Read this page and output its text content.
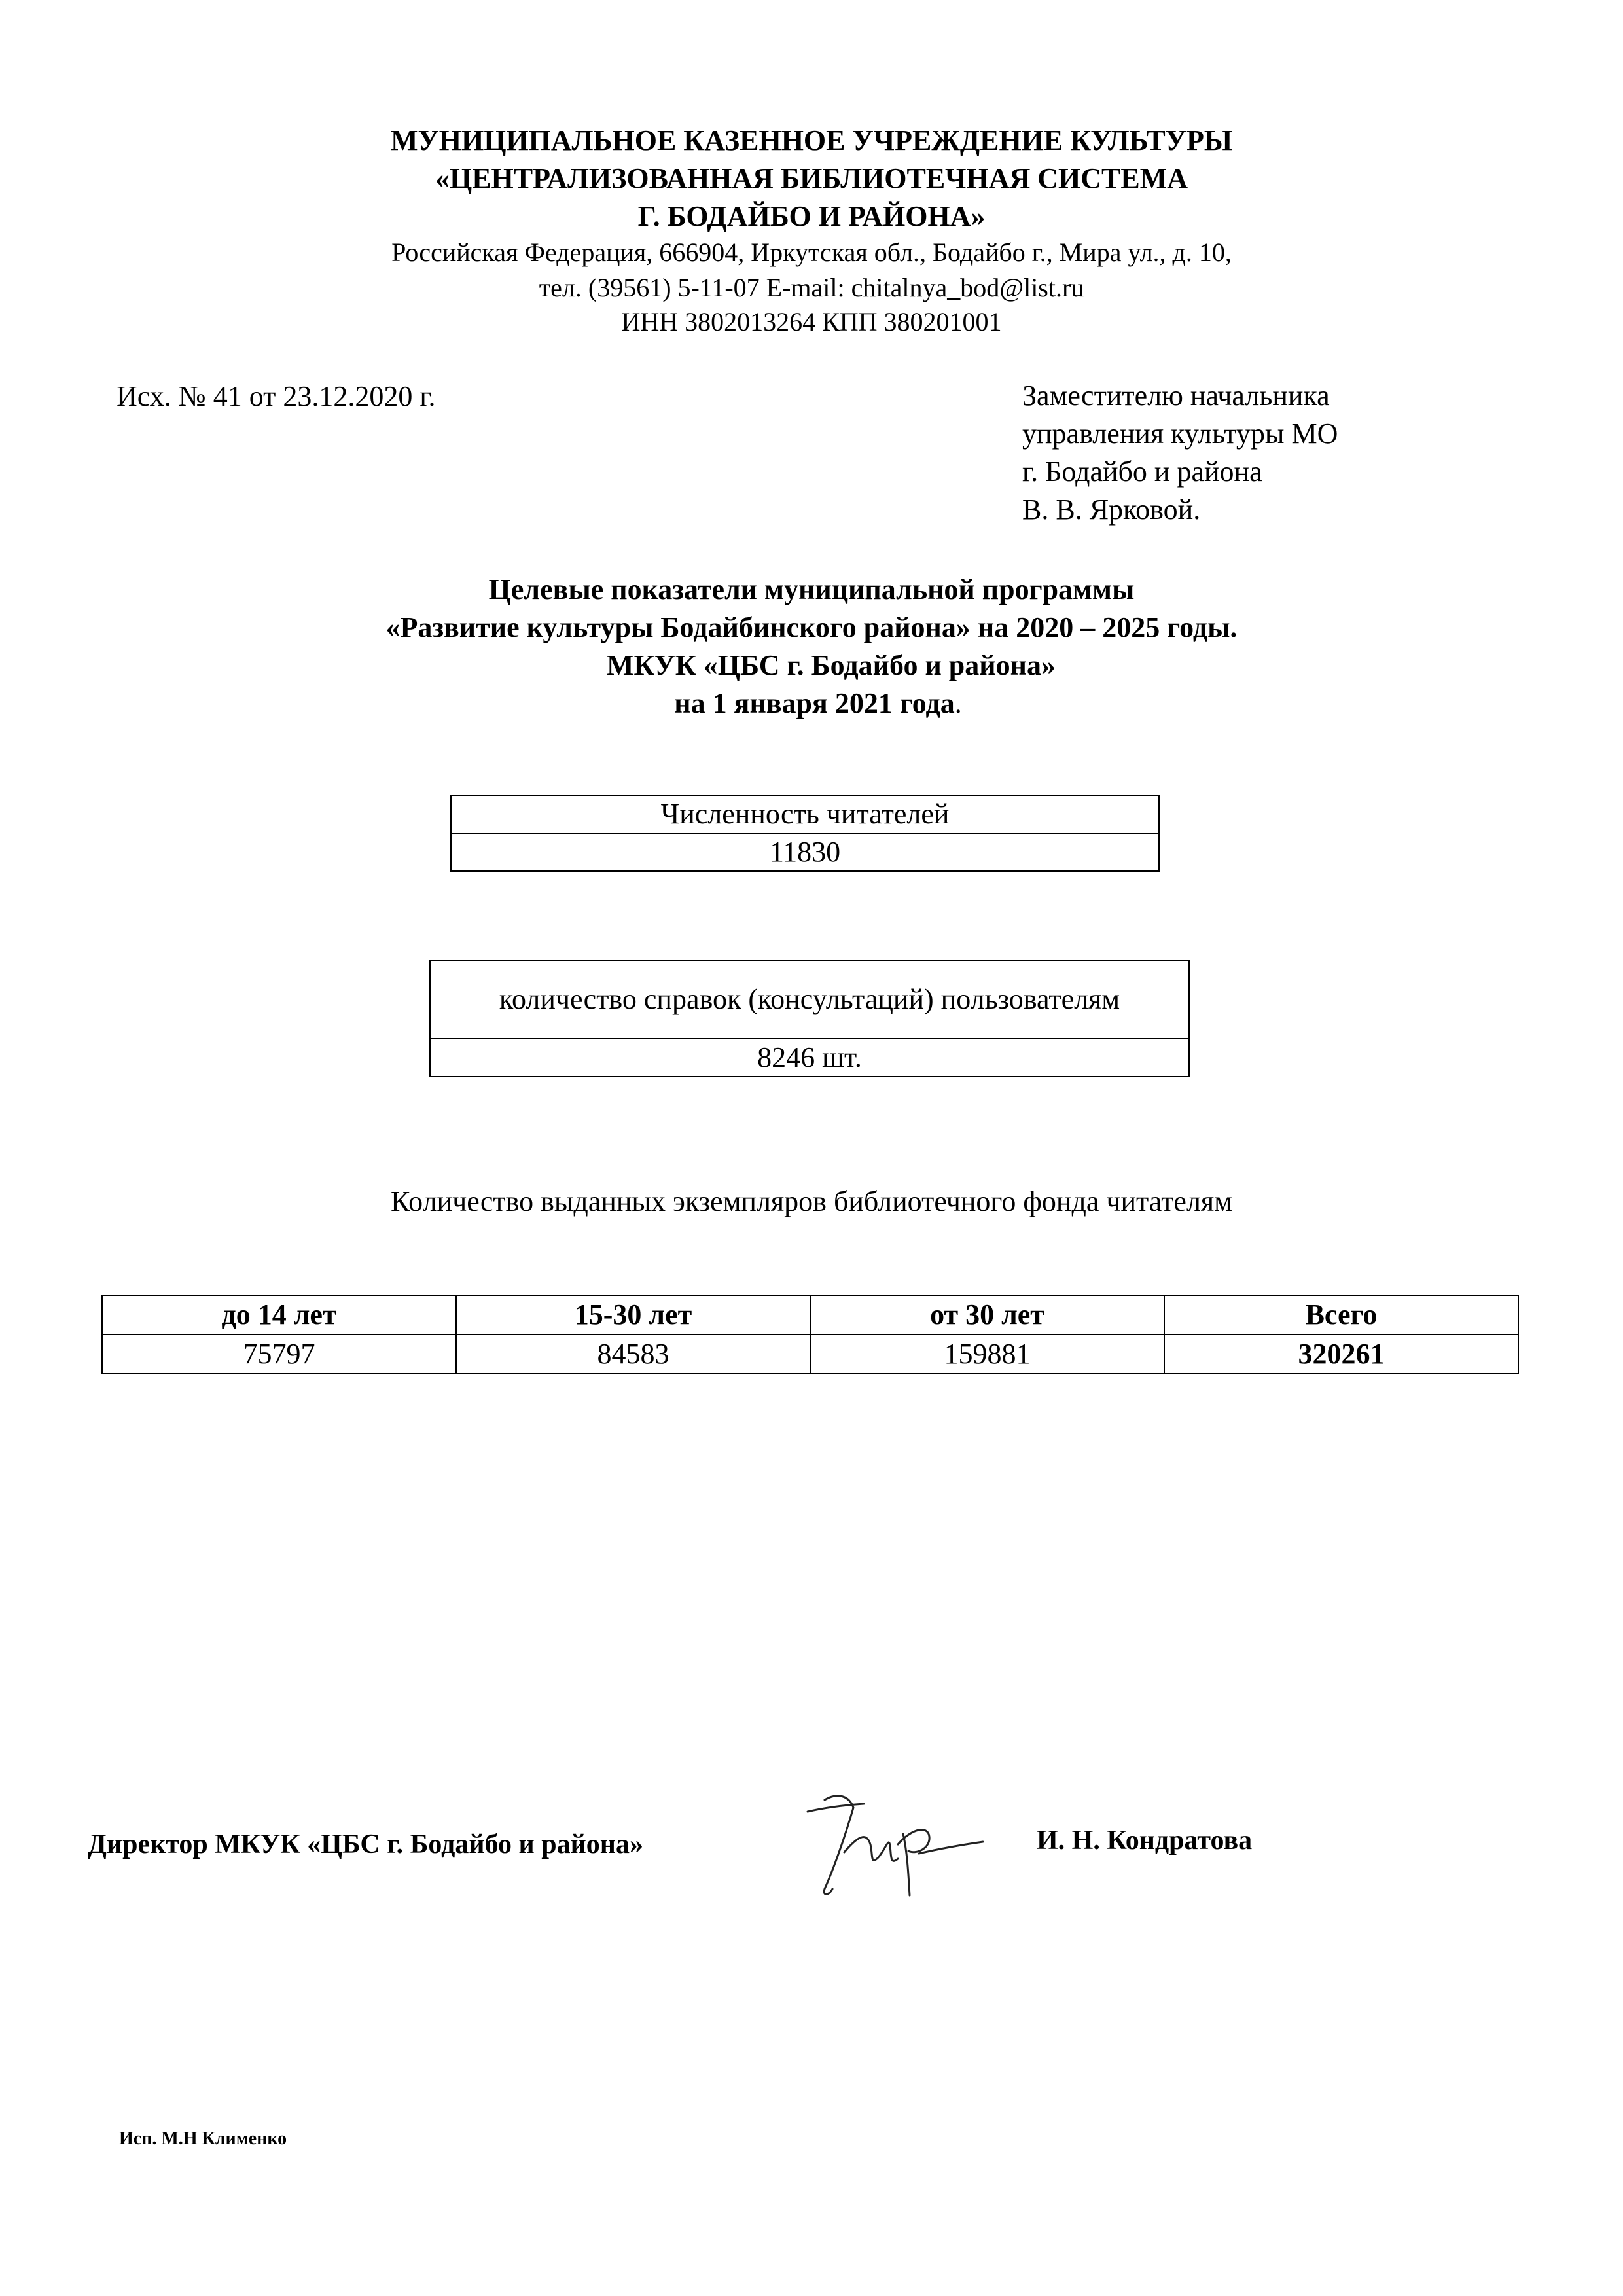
МУНИЦИПАЛЬНОЕ КАЗЕННОЕ УЧРЕЖДЕНИЕ КУЛЬТУРЫ
«ЦЕНТРАЛИЗОВАННАЯ БИБЛИОТЕЧНАЯ СИСТЕМА
Г. БОДАЙБО И РАЙОНА»
Российская Федерация, 666904, Иркутская обл., Бодайбо г., Мира ул., д. 10,
тел. (39561) 5-11-07 E-mail: chitalnya_bod@list.ru
ИНН 3802013264 КПП 380201001
Исх. № 41 от 23.12.2020 г.	Заместителю начальника
управления культуры МО
г. Бодайбо и района
В. В. Ярковой.
Целевые показатели муниципальной программы
«Развитие культуры Бодайбинского района» на 2020 – 2025 годы.
МКУК «ЦБС г. Бодайбо и района»
на 1 января 2021 года.
Численность читателей
11830
количество справок (консультаций) пользователям
8246 шт.
Количество выданных экземпляров библиотечного фонда читателям
до 14 лет	15-30 лет	от 30 лет	Всего
75797	84583	159881	320261
Директор МКУК «ЦБС г. Бодайбо и района»	И. Н. Кондратова
Исп. М.Н Клименко
